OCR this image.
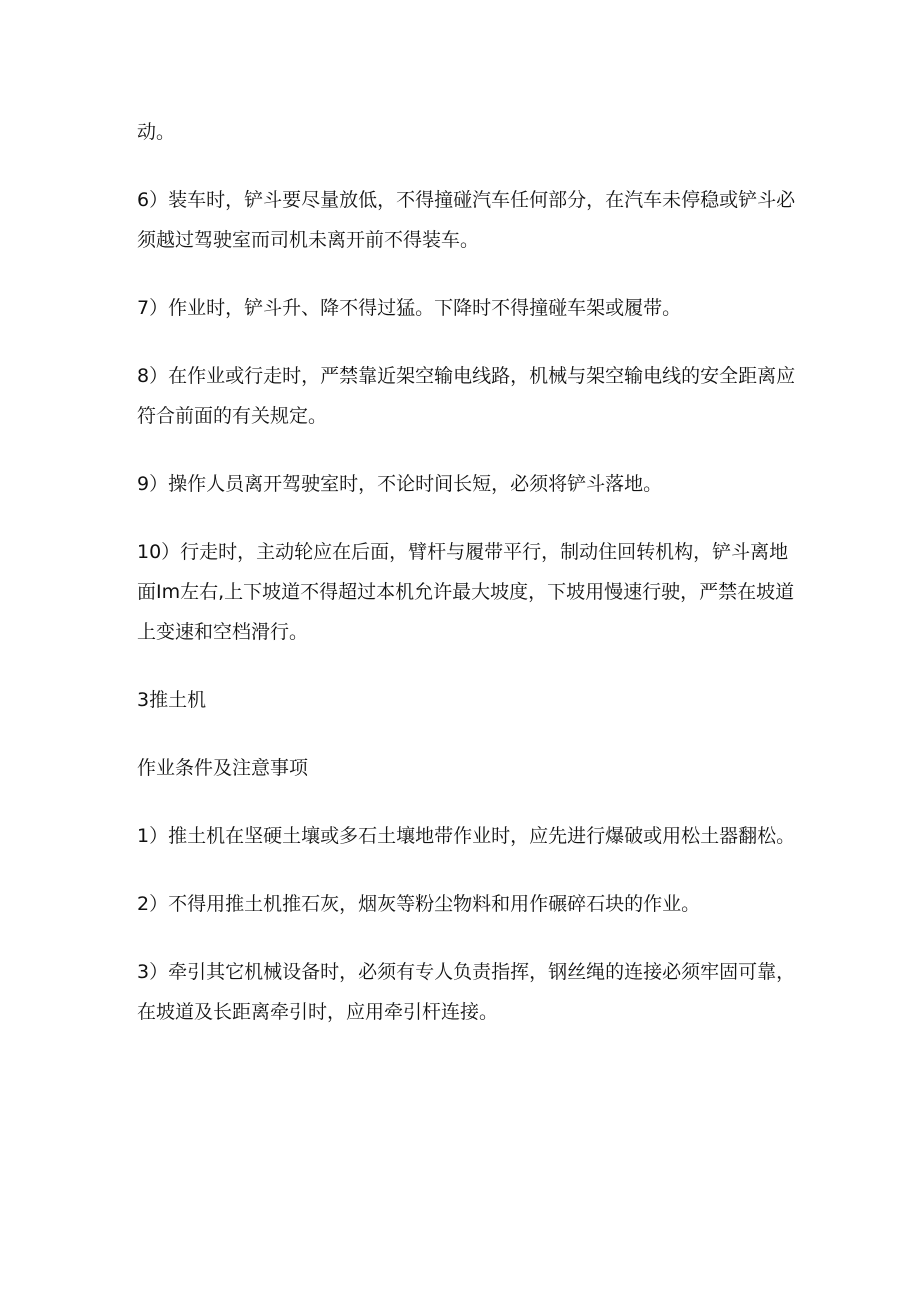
动。

6）装车时，铲斗要尽量放低，不得撞碰汽车任何部分，在汽车未停稳或铲斗必须越过驾驶室而司机未离开前不得装车。

7）作业时，铲斗升、降不得过猛。下降时不得撞碰车架或履带。

8）在作业或行走时，严禁靠近架空输电线路，机械与架空输电线的安全距离应符合前面的有关规定。

9）操作人员离开驾驶室时，不论时间长短，必须将铲斗落地。

10）行走时，主动轮应在后面，臂杆与履带平行，制动住回转机构，铲斗离地面Im左右,上下坡道不得超过本机允许最大坡度，下坡用慢速行驶，严禁在坡道上变速和空档滑行。

3推土机

作业条件及注意事项

1）推土机在坚硬土壤或多石土壤地带作业时，应先进行爆破或用松土器翻松。

2）不得用推土机推石灰，烟灰等粉尘物料和用作碾碎石块的作业。

3）牵引其它机械设备时，必须有专人负责指挥，钢丝绳的连接必须牢固可靠，在坡道及长距离牵引时，应用牵引杆连接。
